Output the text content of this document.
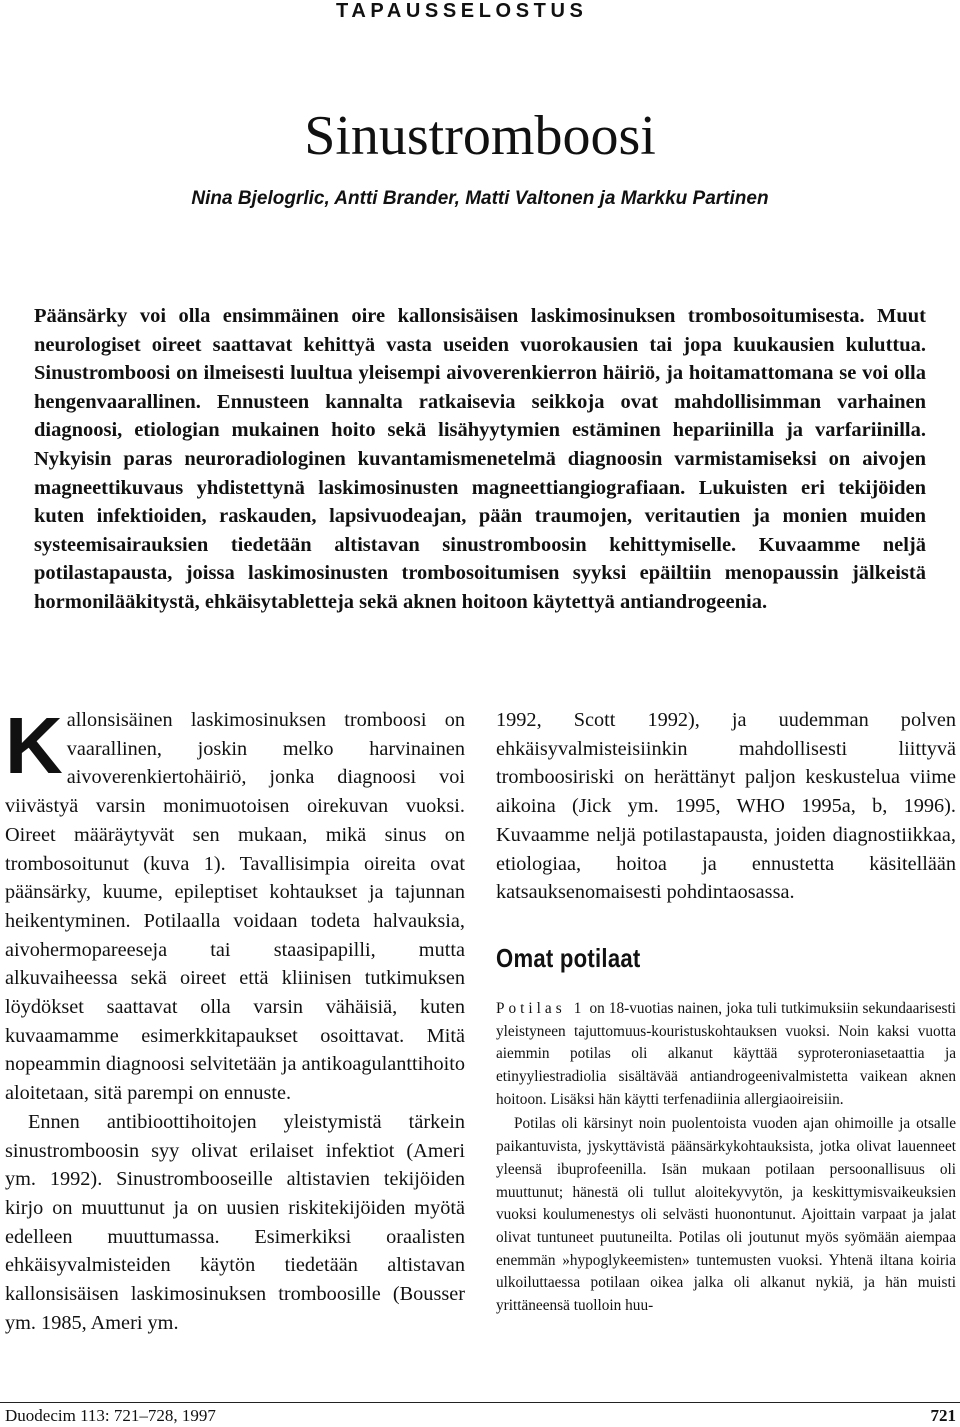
TAPAUSSELOSTUS
Sinustromboosi
Nina Bjelogrlic, Antti Brander, Matti Valtonen ja Markku Partinen

Päänsärky voi olla ensimmäinen oire kallonsisäisen laskimosinuksen trombosoitumisesta. Muut neurologiset oireet saattavat kehittyä vasta useiden vuorokausien tai jopa kuukausien kuluttua. Sinustromboosi on ilmeisesti luultua yleisempi aivoverenkierron häiriö, ja hoitamattomana se voi olla hengenvaarallinen. Ennusteen kannalta ratkaisevia seikkoja ovat mahdollisimman varhainen diagnoosi, etiologian mukainen hoito sekä lisähyytymien estäminen hepariinilla ja varfariinilla. Nykyisin paras neuroradiologinen kuvantamismenetelmä diagnoosin varmistamiseksi on aivojen magneettikuvaus yhdistettynä laskimosinusten magneettiangiografiaan. Lukuisten eri tekijöiden kuten infektioiden, raskauden, lapsivuodeajan, pään traumojen, veritautien ja monien muiden systeemisairauksien tiedetään altistavan sinustromboosin kehittymiselle. Kuvaamme neljä potilastapausta, joissa laskimosinusten trombosoitumisen syyksi epäiltiin menopaussin jälkeistä hormonilääkitystä, ehkäisytabletteja sekä aknen hoitoon käytettyä antiandrogeenia.

Kallonsisäinen laskimosinuksen tromboosi on vaarallinen, joskin melko harvinainen aivoverenkiertohäiriö, jonka diagnoosi voi viivästyä varsin monimuotoisen oirekuvan vuoksi. Oireet määräytyvät sen mukaan, mikä sinus on trombosoitunut (kuva 1). Tavallisimpia oireita ovat päänsärky, kuume, epileptiset kohtaukset ja tajunnan heikentyminen. Potilaalla voidaan todeta halvauksia, aivohermopareeseja tai staasipapilli, mutta alkuvaiheessa sekä oireet että kliinisen tutkimuksen löydökset saattavat olla varsin vähäisiä, kuten kuvaamamme esimerkkitapaukset osoittavat. Mitä nopeammin diagnoosi selvitetään ja antikoagulanttihoito aloitetaan, sitä parempi on ennuste.

Ennen antibioottihoitojen yleistymistä tärkein sinustromboosin syy olivat erilaiset infektiot (Ameri ym. 1992). Sinustrombooseille altistavien tekijöiden kirjo on muuttunut ja on uusien riskitekijöiden myötä edelleen muuttumassa. Esimerkiksi oraalisten ehkäisyvalmisteiden käytön tiedetään altistavan kallonsisäisen laskimosinuksen tromboosille (Bousser ym. 1985, Ameri ym.

1992, Scott 1992), ja uudemman polven ehkäisyvalmisteisiinkin mahdollisesti liittyvä tromboosiriski on herättänyt paljon keskustelua viime aikoina (Jick ym. 1995, WHO 1995a, b, 1996). Kuvaamme neljä potilastapausta, joiden diagnostiikkaa, etiologiaa, hoitoa ja ennustetta käsitellään katsauksenomaisesti pohdintaosassa.

Omat potilaat

Potilas 1 on 18-vuotias nainen, joka tuli tutkimuksiin sekundaarisesti yleistyneen tajuttomuus-kouristuskohtauksen vuoksi. Noin kaksi vuotta aiemmin potilas oli alkanut käyttää syproteroniasetaattia ja etinyyliestradiolia sisältävää antiandrogeenivalmistetta vaikean aknen hoitoon. Lisäksi hän käytti terfenadiinia allergiaoireisiin.

Potilas oli kärsinyt noin puolentoista vuoden ajan ohimoille ja otsalle paikantuvista, jyskyttävistä päänsärkykohtauksista, jotka olivat lauenneet yleensä ibuprofeenilla. Isän mukaan potilaan persoonallisuus oli muuttunut; hänestä oli tullut aloitekyvytön, ja keskittymisvaikeuksien vuoksi koulumenestys oli selvästi huonontunut. Ajoittain varpaat ja jalat olivat tuntuneet puutuneilta. Potilas oli joutunut myös syömään aiempaa enemmän »hypoglykeemisten» tuntemusten vuoksi. Yhtenä iltana koiria ulkoiluttaessa potilaan oikea jalka oli alkanut nykiä, ja hän muisti yrittäneensä tuolloin huu-

Duodecim 113: 721–728, 1997	721
